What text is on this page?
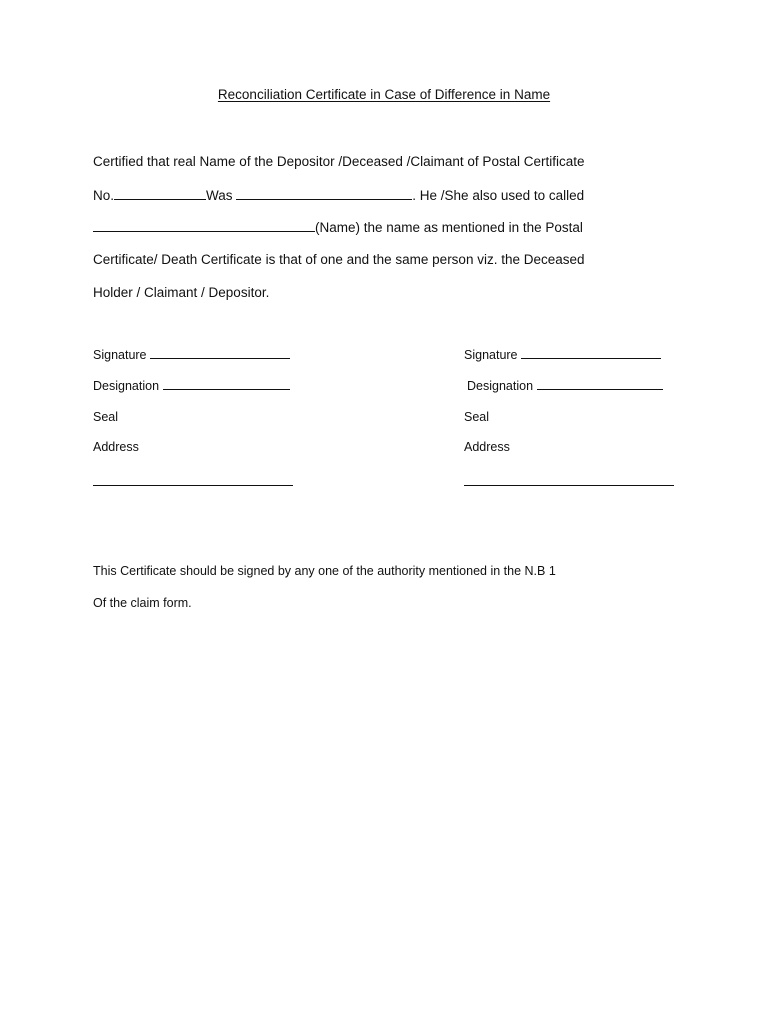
Reconciliation Certificate in Case of Difference in Name
Certified that real Name of the Depositor /Deceased /Claimant of Postal Certificate
No.	Was	. He /She also used to called
(Name) the name as mentioned in the Postal
Certificate/ Death Certificate is that of one and the same person viz. the Deceased
Holder / Claimant / Depositor.
Signature
Designation
Seal
Address
Signature
Designation
Seal
Address
This Certificate should be signed by any one of the authority mentioned in the N.B 1
Of the claim form.
